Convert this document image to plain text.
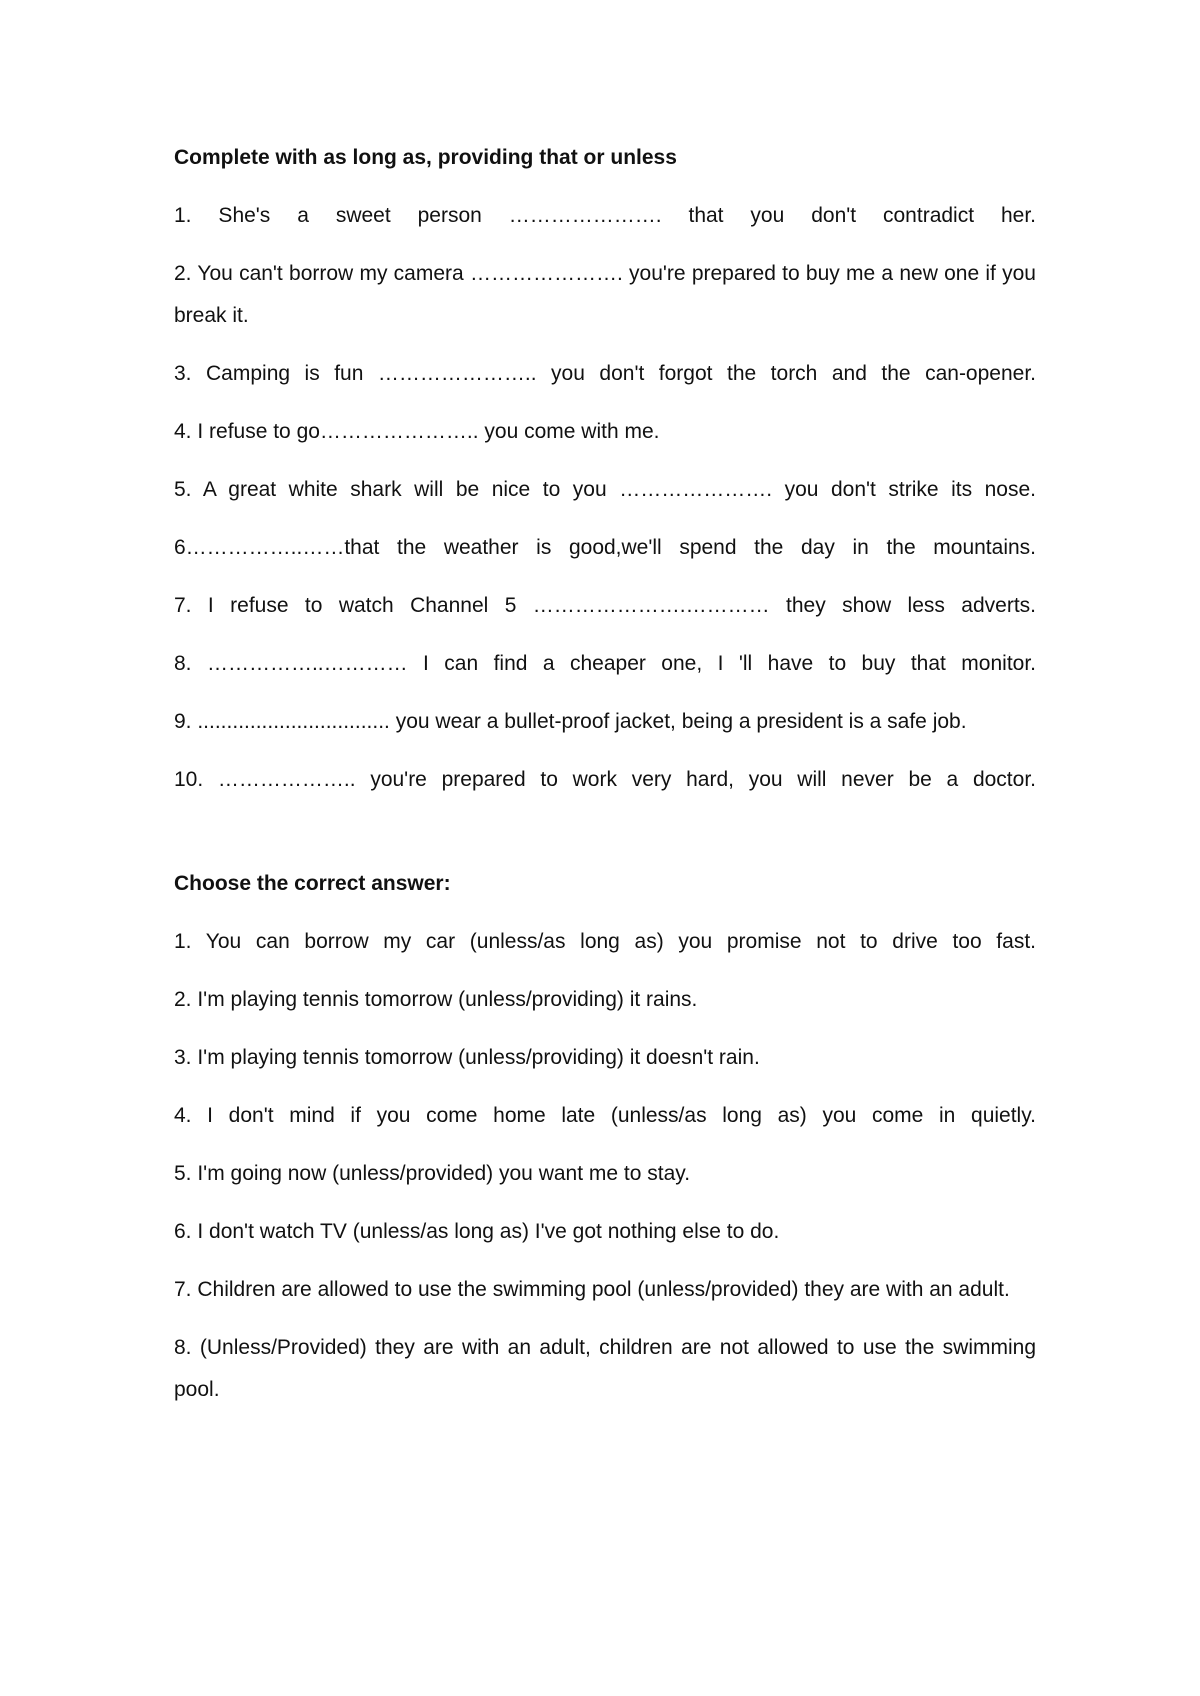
Complete with as long as, providing that or unless
1. She's a sweet person …………………. that you don't contradict her.
2. You can't borrow my camera …………………. you're prepared to buy me a new one if you break it.
3. Camping is fun ………………….. you don't forgot the torch and the can-opener.
4. I refuse to go………………….. you come with me.
5. A great white shark will be nice to you …………………. you don't strike its nose.
6……………..……that the weather is good,we'll spend the day in the mountains.
7. I refuse to watch Channel 5 ………………….………… they show less adverts.
8. ……………..………… I can find a cheaper one, I 'll have to buy that monitor.
9. ................................. you wear a bullet-proof jacket, being a president is a safe job.
10. ……………….. you're prepared to work very hard, you will never be a doctor.
Choose the correct answer:
1. You can borrow my car (unless/as long as) you promise not to drive too fast.
2. I'm playing tennis tomorrow (unless/providing) it rains.
3. I'm playing tennis tomorrow (unless/providing) it doesn't rain.
4. I don't mind if you come home late (unless/as long as) you come in quietly.
5. I'm going now (unless/provided) you want me to stay.
6. I don't watch TV (unless/as long as) I've got nothing else to do.
7. Children are allowed to use the swimming pool (unless/provided) they are with an adult.
8. (Unless/Provided) they are with an adult, children are not allowed to use the swimming pool.
